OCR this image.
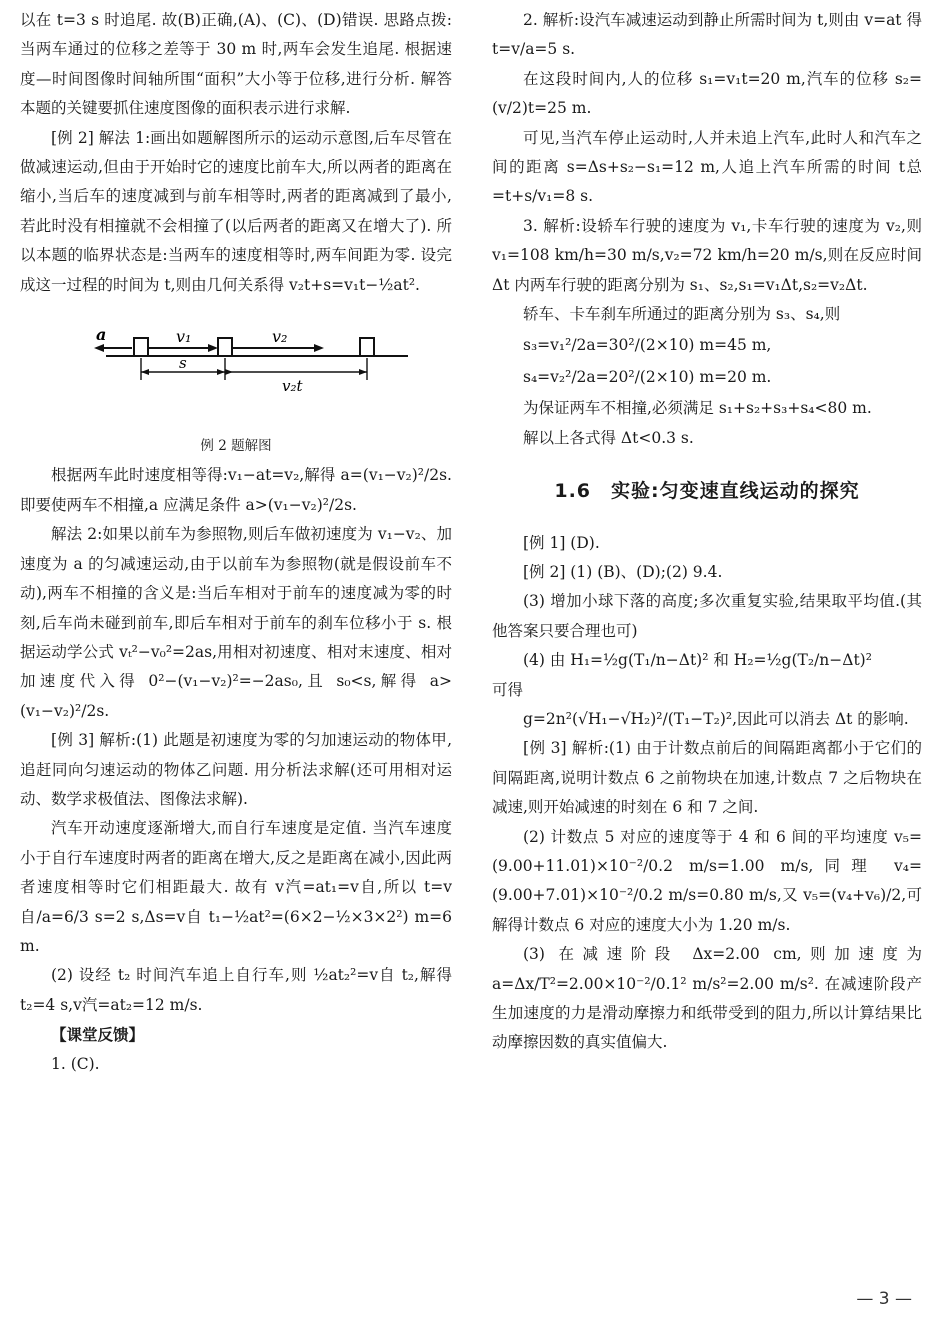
以在 t=3 s 时追尾. 故(B)正确,(A)、(C)、(D)错误. 思路点拨:当两车通过的位移之差等于 30 m 时,两车会发生追尾. 根据速度—时间图像时间轴所围“面积”大小等于位移,进行分析. 解答本题的关键要抓住速度图像的面积表示进行求解.

[例 2] 解法 1:画出如题解图所示的运动示意图,后车尽管在做减速运动,但由于开始时它的速度比前车大,所以两者的距离在缩小,当后车的速度减到与前车相等时,两者的距离减到了最小,若此时没有相撞就不会相撞了(以后两者的距离又在增大了). 所以本题的临界状态是:当两车的速度相等时,两车间距为零. 设完成这一过程的时间为 t,则由几何关系得 v₂t+s=v₁t−½at².

a	v₁	v₂
s
v₂t
例 2 题解图

根据两车此时速度相等得:v₁−at=v₂,解得 a=(v₁−v₂)²/2s. 即要使两车不相撞,a 应满足条件 a>(v₁−v₂)²/2s.

解法 2:如果以前车为参照物,则后车做初速度为 v₁−v₂、加速度为 a 的匀减速运动,由于以前车为参照物(就是假设前车不动),两车不相撞的含义是:当后车相对于前车的速度减为零的时刻,后车尚未碰到前车,即后车相对于前车的刹车位移小于 s. 根据运动学公式 vₜ²−v₀²=2as,用相对初速度、相对末速度、相对加速度代入得 0²−(v₁−v₂)²=−2as₀,且 s₀<s,解得 a>(v₁−v₂)²/2s.

[例 3] 解析:(1) 此题是初速度为零的匀加速运动的物体甲,追赶同向匀速运动的物体乙问题. 用分析法求解(还可用相对运动、数学求极值法、图像法求解).

汽车开动速度逐渐增大,而自行车速度是定值. 当汽车速度小于自行车速度时两者的距离在增大,反之是距离在减小,因此两者速度相等时它们相距最大. 故有 v汽=at₁=v自,所以 t=v自/a=6/3 s=2 s,Δs=v自 t₁−½at²=(6×2−½×3×2²) m=6 m.

(2) 设经 t₂ 时间汽车追上自行车,则 ½at₂²=v自 t₂,解得 t₂=4 s,v汽=at₂=12 m/s.

【课堂反馈】

1. (C).

2. 解析:设汽车减速运动到静止所需时间为 t,则由 v=at 得 t=v/a=5 s.

在这段时间内,人的位移 s₁=v₁t=20 m,汽车的位移 s₂=(v/2)t=25 m.

可见,当汽车停止运动时,人并未追上汽车,此时人和汽车之间的距离 s=Δs+s₂−s₁=12 m,人追上汽车所需的时间 t总=t+s/v₁=8 s.

3. 解析:设轿车行驶的速度为 v₁,卡车行驶的速度为 v₂,则 v₁=108 km/h=30 m/s,v₂=72 km/h=20 m/s,则在反应时间 Δt 内两车行驶的距离分别为 s₁、s₂,s₁=v₁Δt,s₂=v₂Δt.

轿车、卡车刹车所通过的距离分别为 s₃、s₄,则

s₃=v₁²/2a=30²/(2×10) m=45 m,

s₄=v₂²/2a=20²/(2×10) m=20 m.

为保证两车不相撞,必须满足 s₁+s₂+s₃+s₄<80 m.

解以上各式得 Δt<0.3 s.

1.6　实验:匀变速直线运动的探究

[例 1] (D).

[例 2] (1) (B)、(D);(2) 9.4.

(3) 增加小球下落的高度;多次重复实验,结果取平均值.(其他答案只要合理也可)

(4) 由 H₁=½g(T₁/n−Δt)² 和 H₂=½g(T₂/n−Δt)²

可得

g=2n²(√H₁−√H₂)²/(T₁−T₂)²,因此可以消去 Δt 的影响.

[例 3] 解析:(1) 由于计数点前后的间隔距离都小于它们的间隔距离,说明计数点 6 之前物块在加速,计数点 7 之后物块在减速,则开始减速的时刻在 6 和 7 之间.

(2) 计数点 5 对应的速度等于 4 和 6 间的平均速度 v₅=(9.00+11.01)×10⁻²/0.2 m/s=1.00 m/s,同理 v₄=(9.00+7.01)×10⁻²/0.2 m/s=0.80 m/s,又 v₅=(v₄+v₆)/2,可解得计数点 6 对应的速度大小为 1.20 m/s.

(3) 在减速阶段 Δx=2.00 cm,则加速度为 a=Δx/T²=2.00×10⁻²/0.1² m/s²=2.00 m/s². 在减速阶段产生加速度的力是滑动摩擦力和纸带受到的阻力,所以计算结果比动摩擦因数的真实值偏大.

— 3 —
